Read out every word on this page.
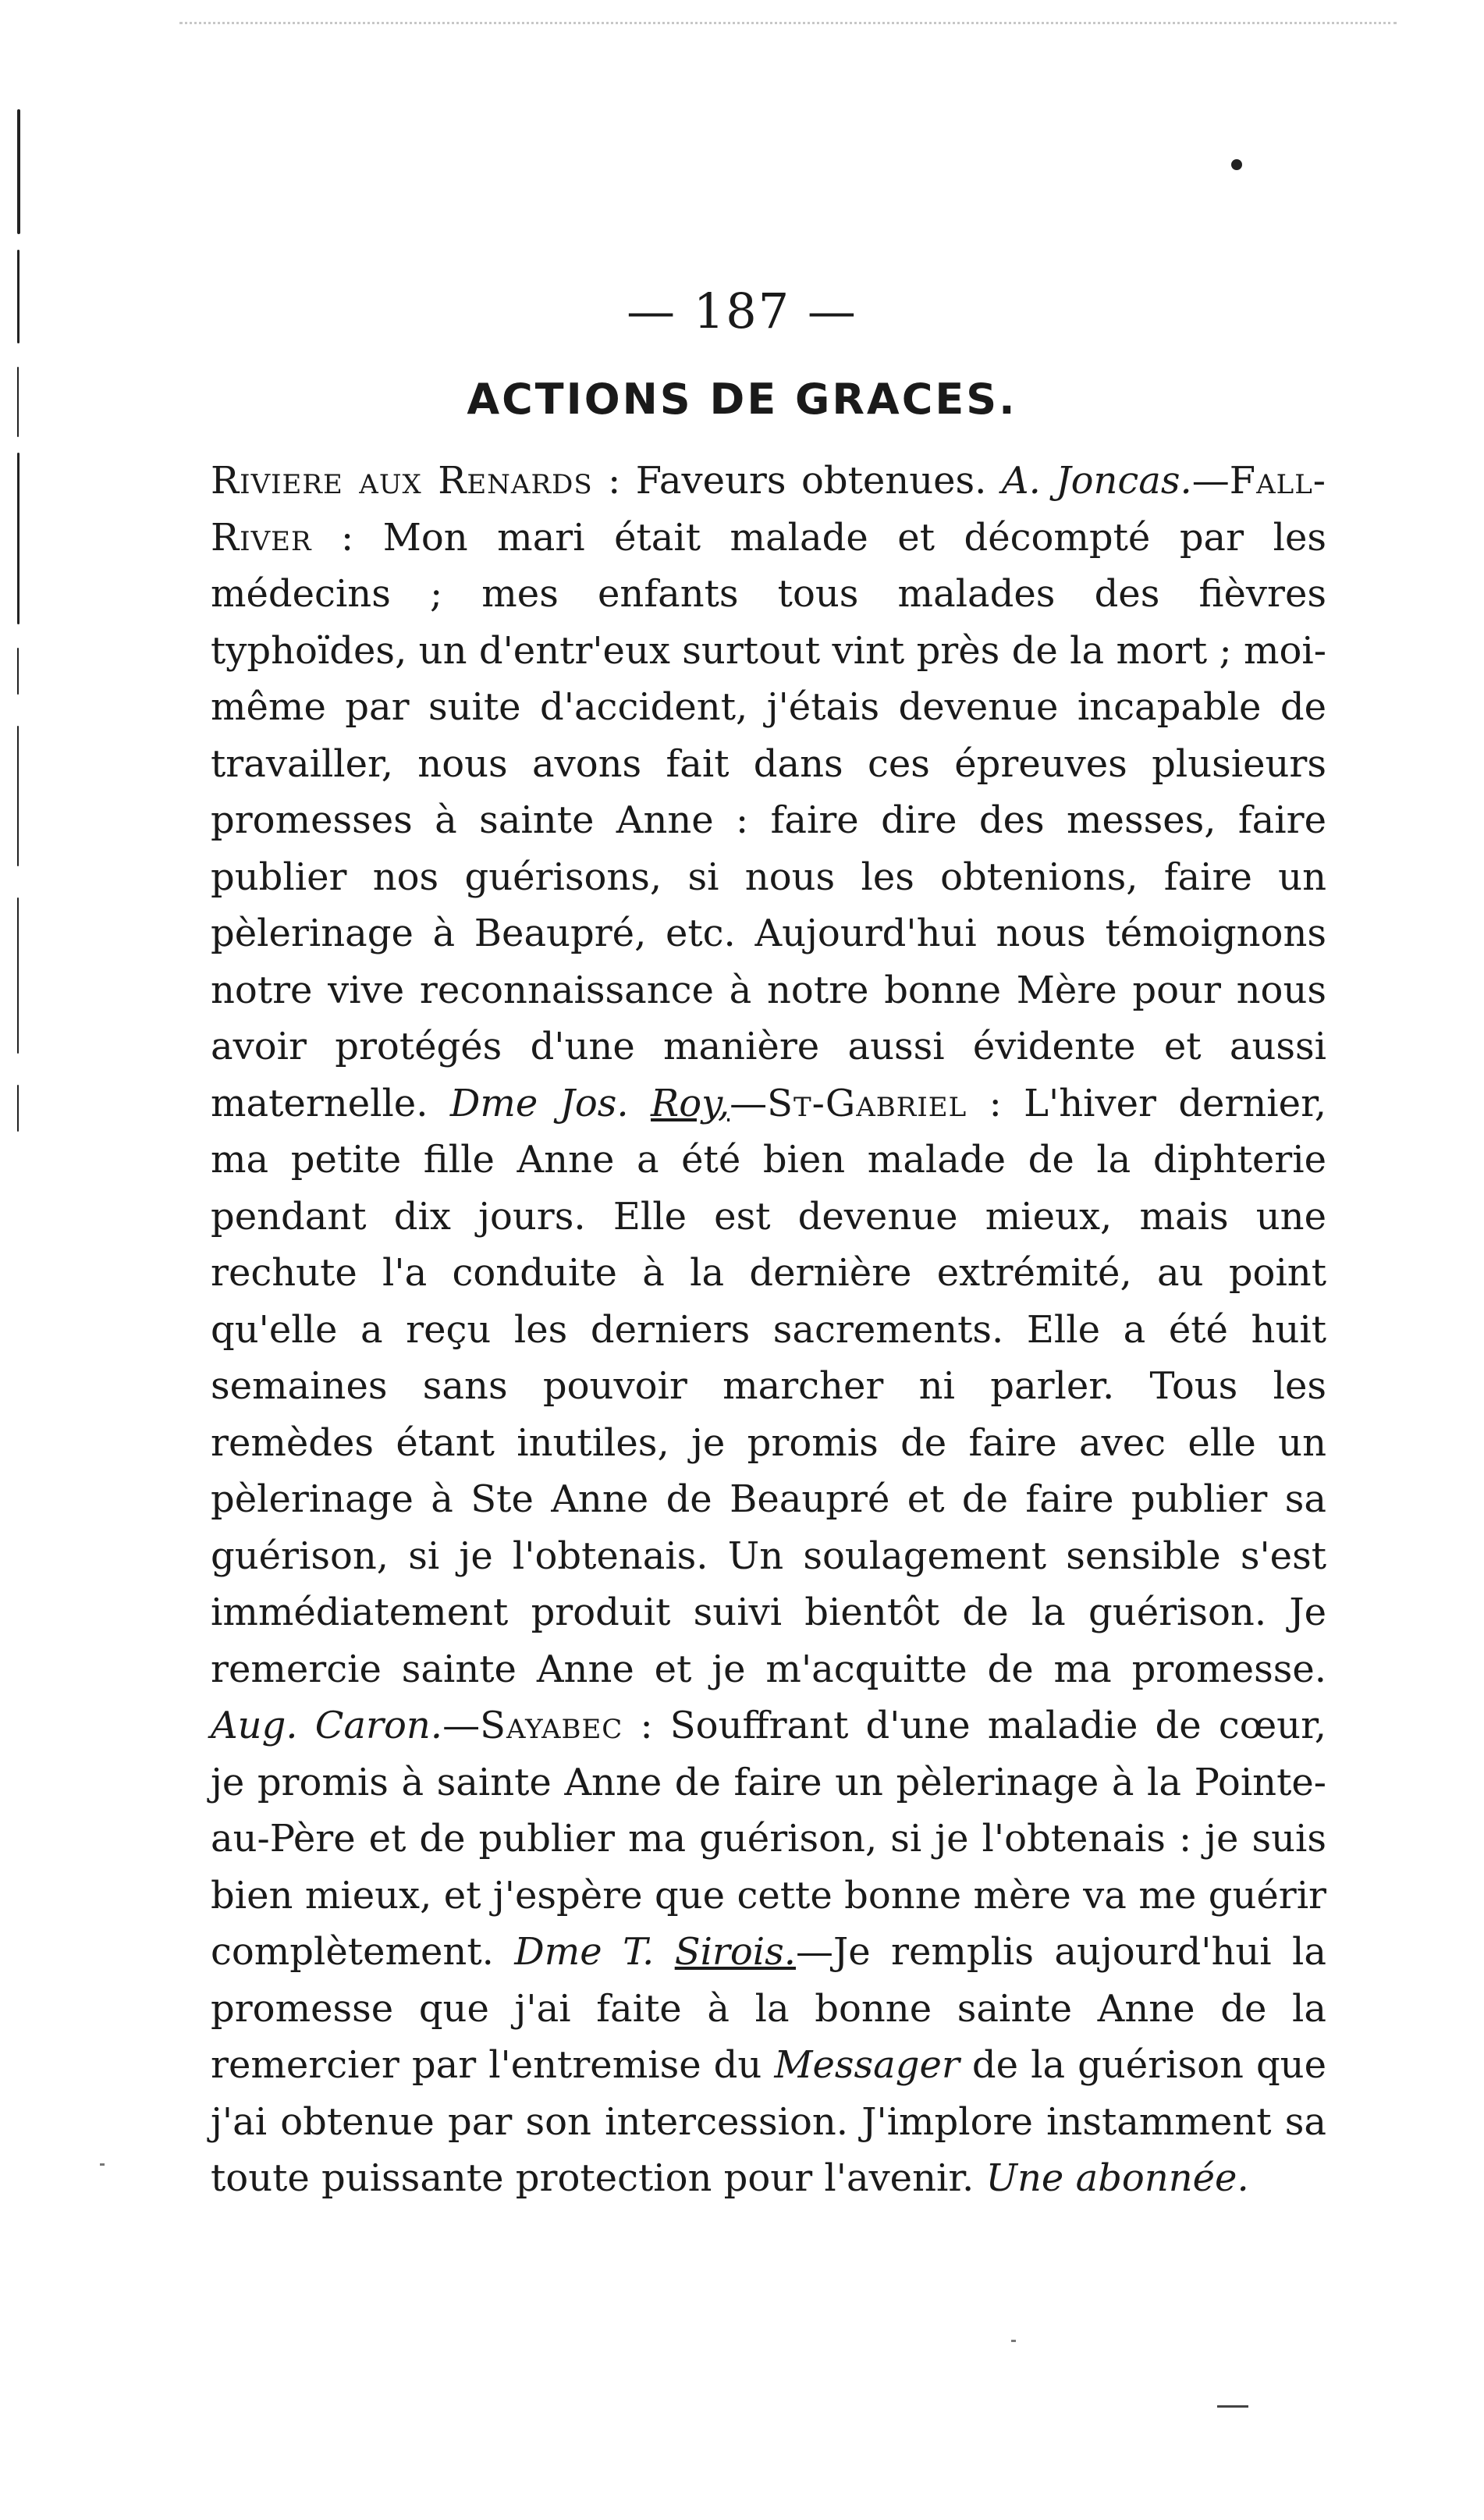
— 187 —
ACTIONS DE GRACES.
Riviere aux Renards : Faveurs obtenues. A. Joncas.—Fall-River : Mon mari était malade et décompté par les médecins ; mes enfants tous malades des fièvres typhoïdes, un d'entr'eux surtout vint près de la mort ; moi-même par suite d'accident, j'étais devenue incapable de travailler, nous avons fait dans ces épreuves plusieurs promesses à sainte Anne : faire dire des messes, faire publier nos guérisons, si nous les obtenions, faire un pèlerinage à Beaupré, etc. Aujourd'hui nous témoignons notre vive reconnaissance à notre bonne Mère pour nous avoir protégés d'une manière aussi évidente et aussi maternelle. Dme Jos. Roy,—St-Gabriel : L'hiver dernier, ma petite fille Anne a été bien malade de la diphterie pendant dix jours. Elle est devenue mieux, mais une rechute l'a conduite à la dernière extrémité, au point qu'elle a reçu les derniers sacrements. Elle a été huit semaines sans pouvoir marcher ni parler. Tous les remèdes étant inutiles, je promis de faire avec elle un pèlerinage à Ste Anne de Beaupré et de faire publier sa guérison, si je l'obtenais. Un soulagement sensible s'est immédiatement produit suivi bientôt de la guérison. Je remercie sainte Anne et je m'acquitte de ma promesse. Aug. Caron.—Sayabec : Souffrant d'une maladie de cœur, je promis à sainte Anne de faire un pèlerinage à la Pointe-au-Père et de publier ma guérison, si je l'obtenais : je suis bien mieux, et j'espère que cette bonne mère va me guérir complètement. Dme T. Sirois.—Je remplis aujourd'hui la promesse que j'ai faite à la bonne sainte Anne de la remercier par l'entremise du Messager de la guérison que j'ai obtenue par son intercession. J'implore instamment sa toute puissante protection pour l'avenir. Une abonnée.
